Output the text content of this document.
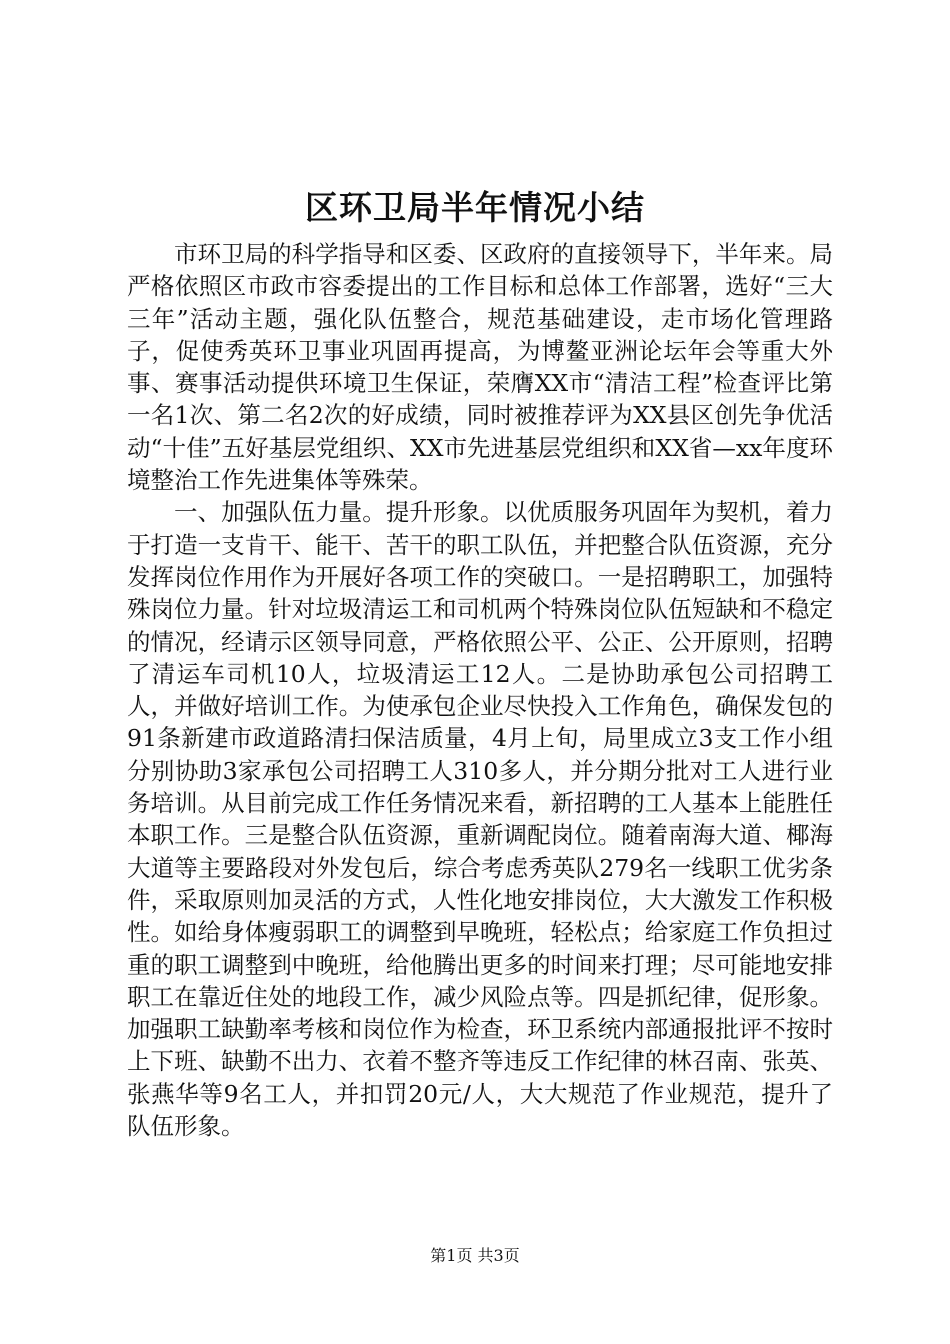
区环卫局半年情况小结

市环卫局的科学指导和区委、区政府的直接领导下，半年来。局严格依照区市政市容委提出的工作目标和总体工作部署，选好“三大三年”活动主题，强化队伍整合，规范基础建设，走市场化管理路子，促使秀英环卫事业巩固再提高，为博鳌亚洲论坛年会等重大外事、赛事活动提供环境卫生保证，荣膺XX市“清洁工程”检查评比第一名1次、第二名2次的好成绩，同时被推荐评为XX县区创先争优活动“十佳”五好基层党组织、XX市先进基层党组织和XX省—xx年度环境整治工作先进集体等殊荣。

一、加强队伍力量。提升形象。以优质服务巩固年为契机，着力于打造一支肯干、能干、苦干的职工队伍，并把整合队伍资源，充分发挥岗位作用作为开展好各项工作的突破口。一是招聘职工，加强特殊岗位力量。针对垃圾清运工和司机两个特殊岗位队伍短缺和不稳定的情况，经请示区领导同意，严格依照公平、公正、公开原则，招聘了清运车司机10人，垃圾清运工12人。二是协助承包公司招聘工人，并做好培训工作。为使承包企业尽快投入工作角色，确保发包的91条新建市政道路清扫保洁质量，4月上旬，局里成立3支工作小组分别协助3家承包公司招聘工人310多人，并分期分批对工人进行业务培训。从目前完成工作任务情况来看，新招聘的工人基本上能胜任本职工作。三是整合队伍资源，重新调配岗位。随着南海大道、椰海大道等主要路段对外发包后，综合考虑秀英队279名一线职工优劣条件，采取原则加灵活的方式，人性化地安排岗位，大大激发工作积极性。如给身体瘦弱职工的调整到早晚班，轻松点；给家庭工作负担过重的职工调整到中晚班，给他腾出更多的时间来打理；尽可能地安排职工在靠近住处的地段工作，减少风险点等。四是抓纪律，促形象。加强职工缺勤率考核和岗位作为检查，环卫系统内部通报批评不按时上下班、缺勤不出力、衣着不整齐等违反工作纪律的林召南、张英、张燕华等9名工人，并扣罚20元/人，大大规范了作业规范，提升了队伍形象。

第1页 共3页
